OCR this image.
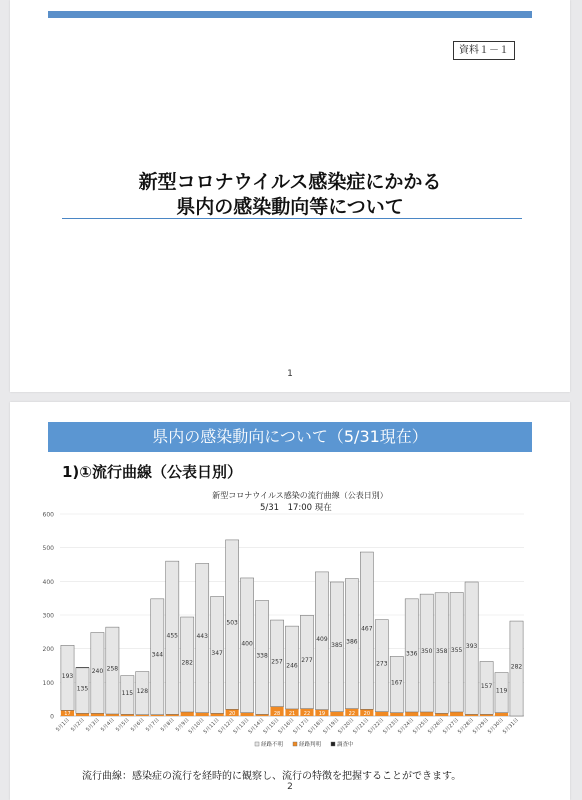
資料１－１
新型コロナウイルス感染症にかかる
県内の感染動向等について
1
県内の感染動向について（5/31現在）
1)①流行曲線（公表日別）
新型コロナウイルス感染の流行曲線（公表日別）
5/31　17:00 現在
0
100
200
300
400
500
600
193
17
5月1日
135
5月2日
240
5月3日
258
5月4日
115
5月5日
128
5月6日
344
5月7日
455
5月8日
282
5月9日
443
5月10日
347
5月11日
503
20
5月12日
400
5月13日
338
5月14日
257
28
5月15日
246
21
5月16日
277
22
5月17日
409
19
5月18日
385
5月19日
386
22
5月20日
467
20
5月21日
273
5月22日
167
5月23日
336
5月24日
350
5月25日
358
5月26日
355
5月27日
393
5月28日
157
5月29日
119
5月30日
282
5月31日
経路不明	経路判明	調査中
流行曲線：感染症の流行を経時的に観察し、流行の特徴を把握することができます。
2
